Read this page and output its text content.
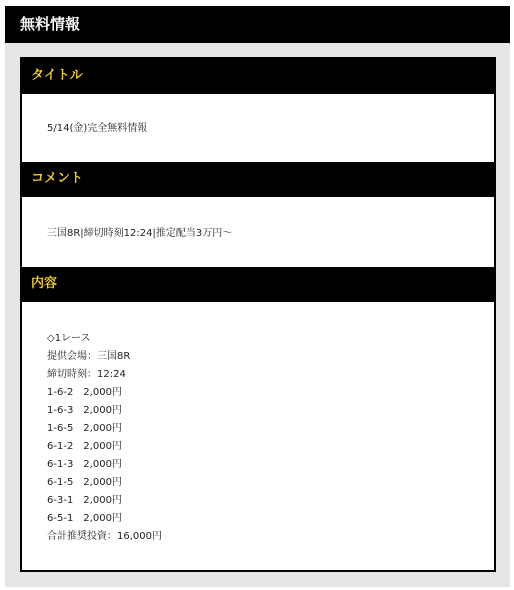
無料情報
タイトル
5/14(金)完全無料情報
コメント
三国8R|締切時刻12:24|推定配当3万円〜
内容
◇1レース
提供会場：三国8R
締切時刻：12:24
1-6-2　2,000円
1-6-3　2,000円
1-6-5　2,000円
6-1-2　2,000円
6-1-3　2,000円
6-1-5　2,000円
6-3-1　2,000円
6-5-1　2,000円
合計推奨投資：16,000円
